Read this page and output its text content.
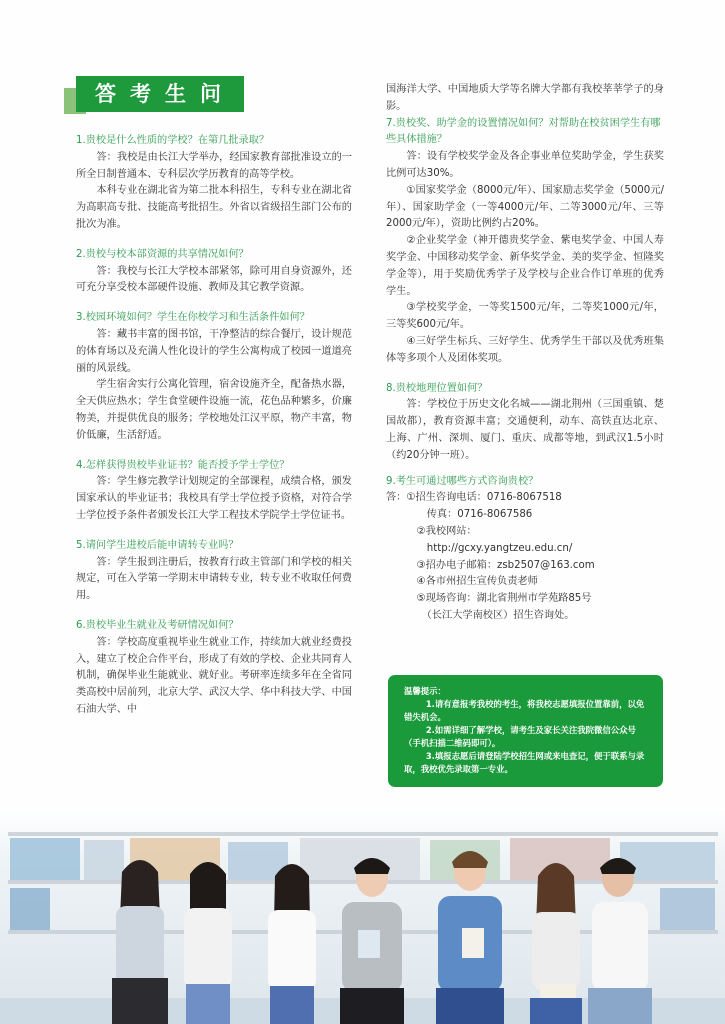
答考生问

1.贵校是什么性质的学校？在第几批录取？

答：我校是由长江大学举办，经国家教育部批准设立的一所全日制普通本、专科层次学历教育的高等学校。

本科专业在湖北省为第二批本科招生，专科专业在湖北省为高职高专批、技能高考批招生。外省以省级招生部门公布的批次为准。

2.贵校与校本部资源的共享情况如何？

答：我校与长江大学校本部紧邻，除可用自身资源外，还可充分享受校本部硬件设施、教师及其它教学资源。

3.校园环境如何？学生在你校学习和生活条件如何？

答：藏书丰富的图书馆，干净整洁的综合餐厅，设计规范的体育场以及充满人性化设计的学生公寓构成了校园一道道亮丽的风景线。

学生宿舍实行公寓化管理，宿舍设施齐全，配备热水器，全天供应热水；学生食堂硬件设施一流，花色品种繁多，价廉物美，并提供优良的服务；学校地处江汉平原，物产丰富，物价低廉，生活舒适。

4.怎样获得贵校毕业证书？能否授予学士学位？

答：学生修完教学计划规定的全部课程，成绩合格，颁发国家承认的毕业证书；我校具有学士学位授予资格，对符合学士学位授予条件者颁发长江大学工程技术学院学士学位证书。

5.请问学生进校后能申请转专业吗？

答：学生报到注册后，按教育行政主管部门和学校的相关规定，可在入学第一学期末申请转专业，转专业不收取任何费用。

6.贵校毕业生就业及考研情况如何？

答：学校高度重视毕业生就业工作，持续加大就业经费投入，建立了校企合作平台，形成了有效的学校、企业共同育人机制，确保毕业生能就业、就好业。考研率连续多年在全省同类高校中居前列，北京大学、武汉大学、华中科技大学、中国石油大学、中

国海洋大学、中国地质大学等名牌大学都有我校莘莘学子的身影。

7.贵校奖、助学金的设置情况如何？对帮助在校贫困学生有哪些具体措施？

答：设有学校奖学金及各企事业单位奖助学金，学生获奖比例可达30%。

①国家奖学金（8000元/年）、国家励志奖学金（5000元/年）、国家助学金（一等4000元/年、二等3000元/年、三等2000元/年），资助比例约占20%。

②企业奖学金（神开德贵奖学金、紫电奖学金、中国人寿奖学金、中国移动奖学金、新华奖学金、美的奖学金、恒隆奖学金等），用于奖励优秀学子及学校与企业合作订单班的优秀学生。

③学校奖学金，一等奖1500元/年，二等奖1000元/年，三等奖600元/年。

④三好学生标兵、三好学生、优秀学生干部以及优秀班集体等多项个人及团体奖项。

8.贵校地理位置如何？

答：学校位于历史文化名城——湖北荆州（三国重镇、楚国故都），教育资源丰富；交通便利，动车、高铁直达北京、上海、广州、深圳、厦门、重庆、成都等地，到武汉1.5小时（约20分钟一班）。

9.考生可通过哪些方式咨询贵校？

答：①招生咨询电话：0716-8067518

　　　　传真：0716-8067586

　　　②我校网站：

　　　　http://gcxy.yangtzeu.edu.cn/

　　　③招办电子邮箱：zsb2507@163.com

　　　④各市州招生宣传负责老师

　　　⑤现场咨询：湖北省荆州市学苑路85号

　　　　（长江大学南校区）招生咨询处。

温馨提示：

1.请有意报考我校的考生，将我校志愿填报位置靠前，以免错失机会。

2.如需详细了解学校，请考生及家长关注我院微信公众号（手机扫描二维码即可）。

3.填报志愿后请登陆学校招生网或来电查记，便于联系与录取，我校优先录取第一专业。
